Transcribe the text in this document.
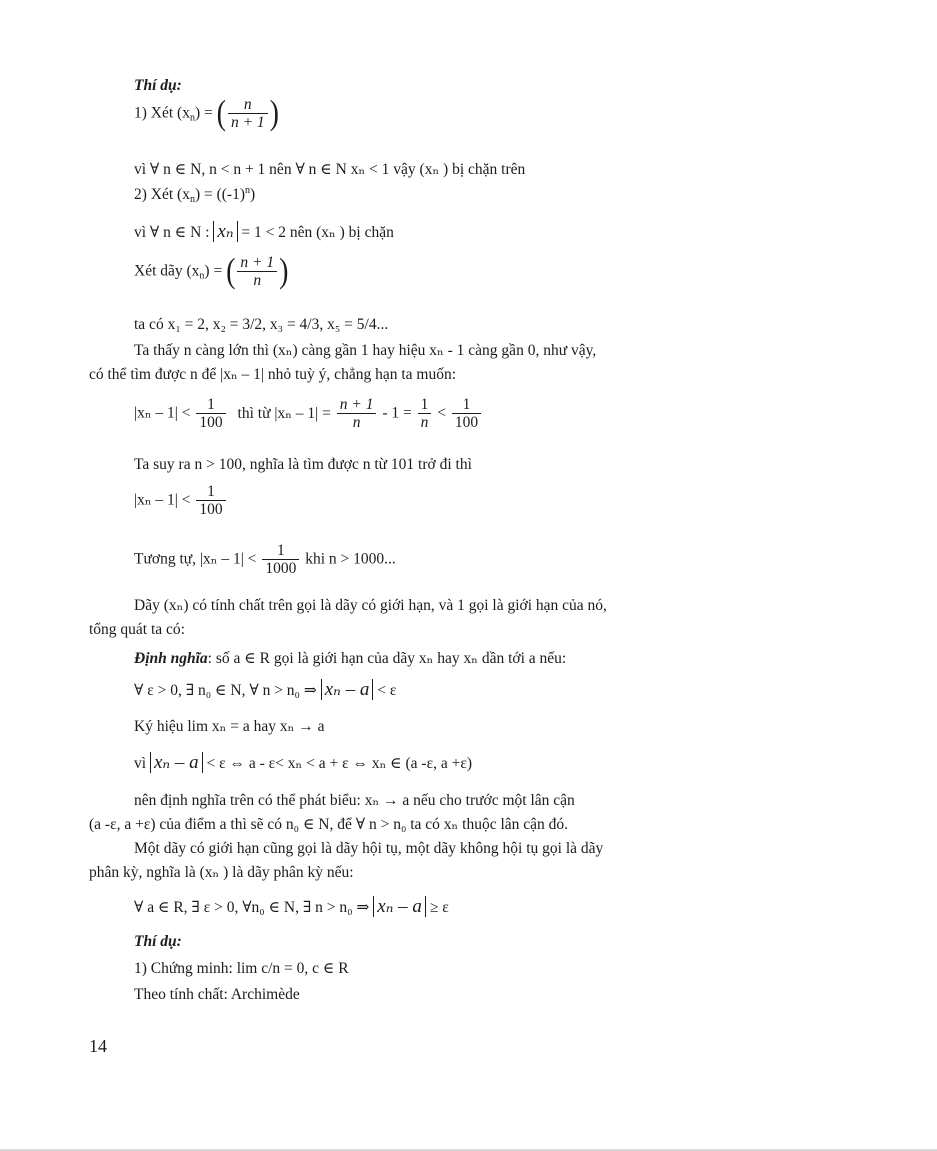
Thí dụ:
1) Xét $(x_n)$ = ( $\frac{n}{n + 1}$ )
vì ∀ n ∈ N, n < n + 1 nên ∀ n ∈ N xₙ < 1 vậy (xₙ ) bị chặn trên
2) Xét $(x_n) = ((-1)^n)$
vì ∀ n ∈ N : xₙ = 1 < 2 nên (xₙ ) bị chặn
Xét dãy $(x_n)$ = ( $\frac{n + 1}{n}$ )
ta có x₁ = 2, x₂ = 3/2, x₃ = 4/3, x₅ = 5/4...
Ta thấy n càng lớn thì (xₙ) càng gần 1 hay hiệu xₙ - 1 càng gần 0, như vậy,
có thể tìm được n để |xₙ – 1| nhỏ tuỳ ý, chẳng hạn ta muốn:
$|x_n - 1| < \frac{1}{100}$ thì từ $|x_n - 1| = \frac{n + 1}{n} - 1 = \frac{1}{n} < \frac{1}{100}$
Ta suy ra n > 100, nghĩa là tìm được n từ 101 trở đi thì
$|x_n - 1| < \frac{1}{100}$
Tương tự, $|x_n - 1| < \frac{1}{1000}$ khi n > 1000...
Dãy (xₙ) có tính chất trên gọi là dãy có giới hạn, và 1 gọi là giới hạn của nó,
tổng quát ta có:
Định nghĩa: số a ∈ R gọi là giới hạn của dãy xₙ hay xₙ dần tới a nếu:
∀ ε > 0, ∃ n₀ ∈ N, ∀ n > n₀ ⇒ xₙ – a < ε
Ký hiệu lim xₙ = a hay xₙ → a
vì xₙ – a < ε ⇔ a - ε< xₙ < a + ε ⇔ xₙ ∈ (a -ε, a +ε)
nên định nghĩa trên có thể phát biểu: xₙ → a nếu cho trước một lân cận
(a -ε, a +ε) của điểm a thì sẽ có n₀ ∈ N, để ∀ n > n₀ ta có xₙ thuộc lân cận đó.
Một dãy có giới hạn cũng gọi là dãy hội tụ, một dãy không hội tụ gọi là dãy
phân kỳ, nghĩa là (xₙ ) là dãy phân kỳ nếu:
∀ a ∈ R, ∃ ε > 0, ∀n₀ ∈ N, ∃ n > n₀ ⇒ xₙ – a ≥ ε
Thí dụ:
1) Chứng minh: lim c/n = 0, c ∈ R
Theo tính chất: Archimède
14
